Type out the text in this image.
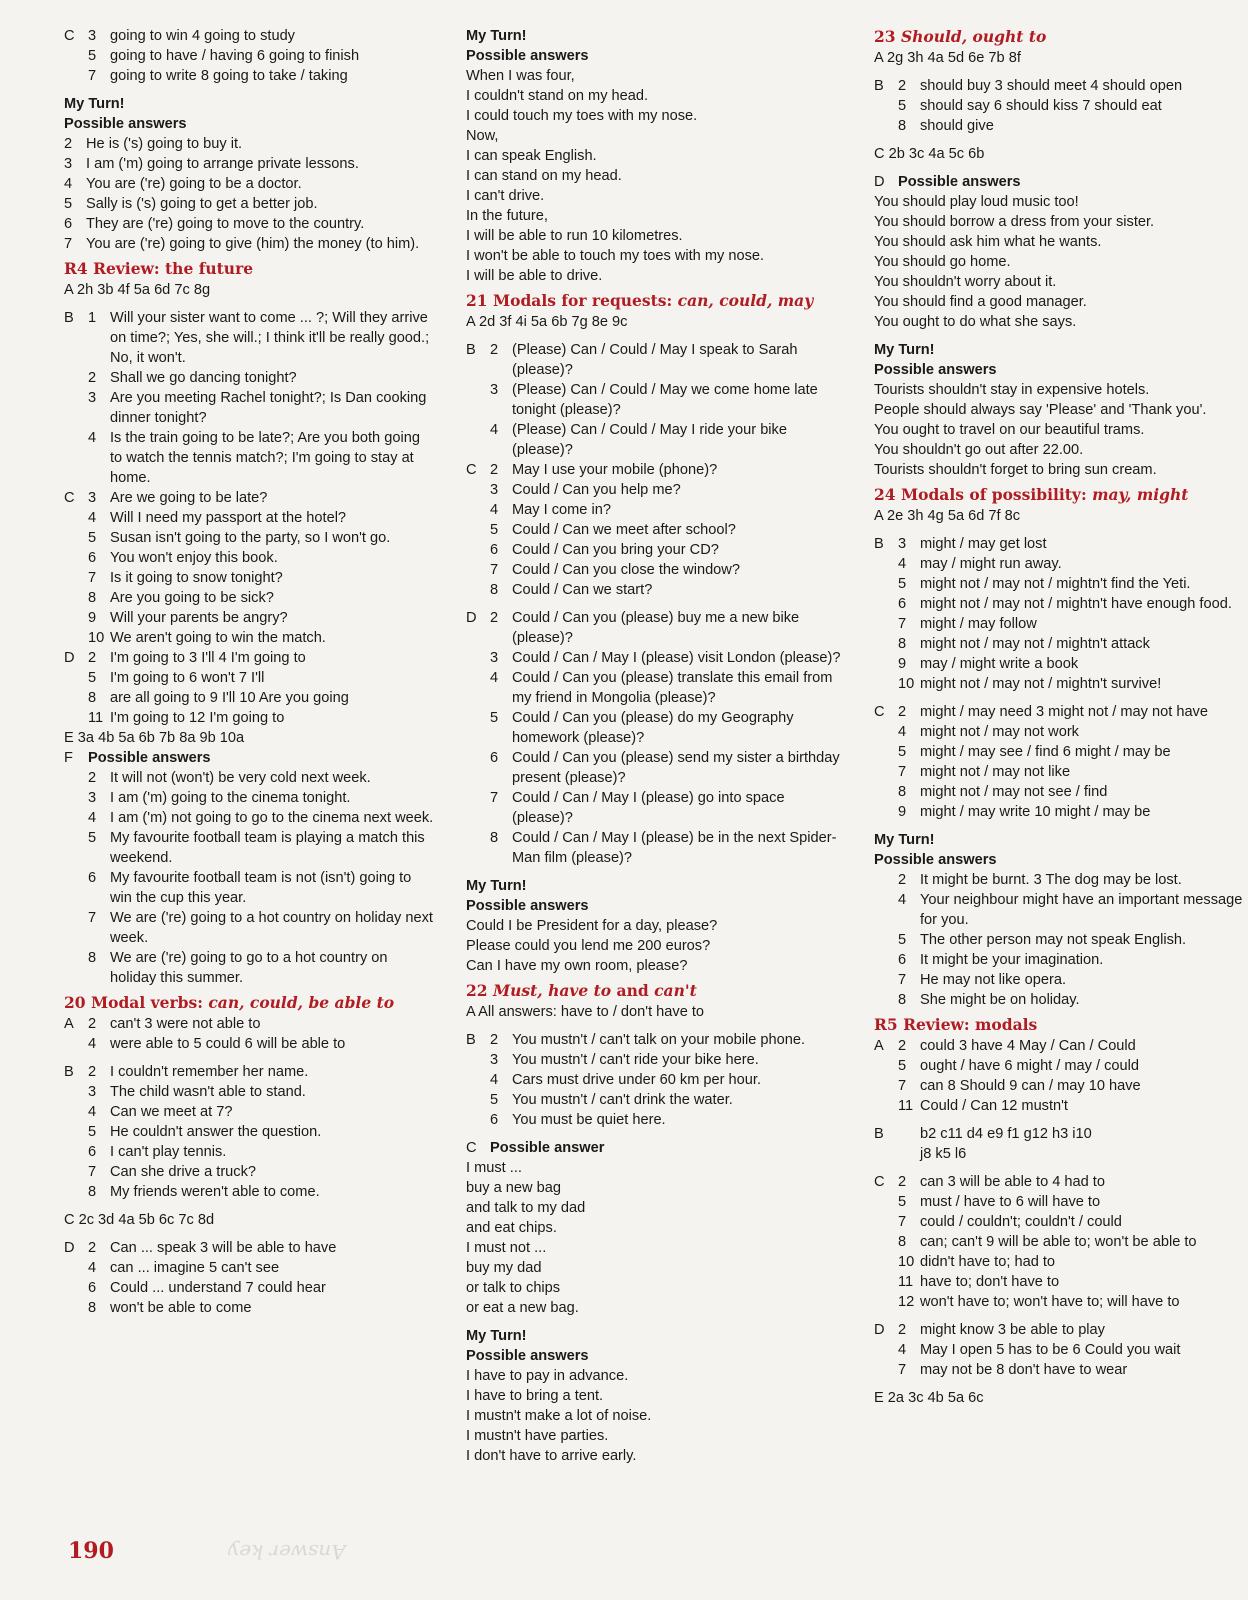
C 3 going to win 4 going to study
5 going to have / having 6 going to finish
7 going to write 8 going to take / taking
My Turn!
Possible answers
2 He is ('s) going to buy it.
3 I am ('m) going to arrange private lessons.
4 You are ('re) going to be a doctor.
5 Sally is ('s) going to get a better job.
6 They are ('re) going to move to the country.
7 You are ('re) going to give (him) the money (to him).
R4 Review: the future
A 2h 3b 4f 5a 6d 7c 8g
B 1 Will your sister want to come ... ?; Will they arrive on time?; Yes, she will.; I think it'll be really good.; No, it won't.
2 Shall we go dancing tonight?
3 Are you meeting Rachel tonight?; Is Dan cooking dinner tonight?
4 Is the train going to be late?; Are you both going to watch the tennis match?; I'm going to stay at home.
C 3 Are we going to be late?
4 Will I need my passport at the hotel?
5 Susan isn't going to the party, so I won't go.
6 You won't enjoy this book.
7 Is it going to snow tonight?
8 Are you going to be sick?
9 Will your parents be angry?
10 We aren't going to win the match.
D 2 I'm going to 3 I'll 4 I'm going to
5 I'm going to 6 won't 7 I'll
8 are all going to 9 I'll 10 Are you going
11 I'm going to 12 I'm going to
E 3a 4b 5a 6b 7b 8a 9b 10a
F	Possible answers
2 It will not (won't) be very cold next week.
3 I am ('m) going to the cinema tonight.
4 I am ('m) not going to go to the cinema next week.
5 My favourite football team is playing a match this weekend.
6 My favourite football team is not (isn't) going to win the cup this year.
7 We are ('re) going to a hot country on holiday next week.
8 We are ('re) going to go to a hot country on holiday this summer.
20 Modal verbs: can, could, be able to
A 2 can't 3 were not able to
4 were able to 5 could 6 will be able to
B 2 I couldn't remember her name.
3 The child wasn't able to stand.
4 Can we meet at 7?
5 He couldn't answer the question.
6 I can't play tennis.
7 Can she drive a truck?
8 My friends weren't able to come.
C 2c 3d 4a 5b 6c 7c 8d
D 2 Can ... speak 3 will be able to have
4 can ... imagine 5 can't see
6 Could ... understand 7 could hear
8 won't be able to come
My Turn!
Possible answers
When I was four,
I couldn't stand on my head.
I could touch my toes with my nose.
Now,
I can speak English.
I can stand on my head.
I can't drive.
In the future,
I will be able to run 10 kilometres.
I won't be able to touch my toes with my nose.
I will be able to drive.
21 Modals for requests: can, could, may
A 2d 3f 4i 5a 6b 7g 8e 9c
B 2 (Please) Can / Could / May I speak to Sarah (please)?
3 (Please) Can / Could / May we come home late tonight (please)?
4 (Please) Can / Could / May I ride your bike (please)?
C 2 May I use your mobile (phone)?
3 Could / Can you help me?
4 May I come in?
5 Could / Can we meet after school?
6 Could / Can you bring your CD?
7 Could / Can you close the window?
8 Could / Can we start?
D 2 Could / Can you (please) buy me a new bike (please)?
3 Could / Can / May I (please) visit London (please)?
4 Could / Can you (please) translate this email from my friend in Mongolia (please)?
5 Could / Can you (please) do my Geography homework (please)?
6 Could / Can you (please) send my sister a birthday present (please)?
7 Could / Can / May I (please) go into space (please)?
8 Could / Can / May I (please) be in the next Spider-Man film (please)?
My Turn!
Possible answers
Could I be President for a day, please?
Please could you lend me 200 euros?
Can I have my own room, please?
22 Must, have to and can't
A All answers: have to / don't have to
B 2 You mustn't / can't talk on your mobile phone.
3 You mustn't / can't ride your bike here.
4 Cars must drive under 60 km per hour.
5 You mustn't / can't drink the water.
6 You must be quiet here.
C Possible answer
I must ...
buy a new bag
and talk to my dad
and eat chips.
I must not ...
buy my dad
or talk to chips
or eat a new bag.
My Turn!
Possible answers
I have to pay in advance.
I have to bring a tent.
I mustn't make a lot of noise.
I mustn't have parties.
I don't have to arrive early.
23 Should, ought to
A 2g 3h 4a 5d 6e 7b 8f
B 2 should buy 3 should meet 4 should open
5 should say 6 should kiss 7 should eat
8 should give
C 2b 3c 4a 5c 6b
D Possible answers
You should play loud music too!
You should borrow a dress from your sister.
You should ask him what he wants.
You should go home.
You shouldn't worry about it.
You should find a good manager.
You ought to do what she says.
My Turn!
Possible answers
Tourists shouldn't stay in expensive hotels.
People should always say 'Please' and 'Thank you'.
You ought to travel on our beautiful trams.
You shouldn't go out after 22.00.
Tourists shouldn't forget to bring sun cream.
24 Modals of possibility: may, might
A 2e 3h 4g 5a 6d 7f 8c
B 3 might / may get lost
4 may / might run away.
5 might not / may not / mightn't find the Yeti.
6 might not / may not / mightn't have enough food.
7 might / may follow
8 might not / may not / mightn't attack
9 may / might write a book
10 might not / may not / mightn't survive!
C 2 might / may need 3 might not / may not have
4 might not / may not work
5 might / may see / find 6 might / may be
7 might not / may not like
8 might not / may not see / find
9 might / may write 10 might / may be
My Turn!
Possible answers
2 It might be burnt. 3 The dog may be lost.
4 Your neighbour might have an important message for you.
5 The other person may not speak English.
6 It might be your imagination.
7 He may not like opera.
8 She might be on holiday.
R5 Review: modals
A 2 could 3 have 4 May / Can / Could
5 ought / have 6 might / may / could
7 can 8 Should 9 can / may 10 have
11 Could / Can 12 mustn't
B	b2 c11 d4 e9 f1 g12 h3 i10
j8 k5 l6
C 2 can 3 will be able to 4 had to
5 must / have to 6 will have to
7 could / couldn't; couldn't / could
8 can; can't 9 will be able to; won't be able to
10 didn't have to; had to
11 have to; don't have to
12 won't have to; won't have to; will have to
D 2 might know 3 be able to play
4 May I open 5 has to be 6 Could you wait
7 may not be 8 don't have to wear
E 2a 3c 4b 5a 6c
190	Answer key
